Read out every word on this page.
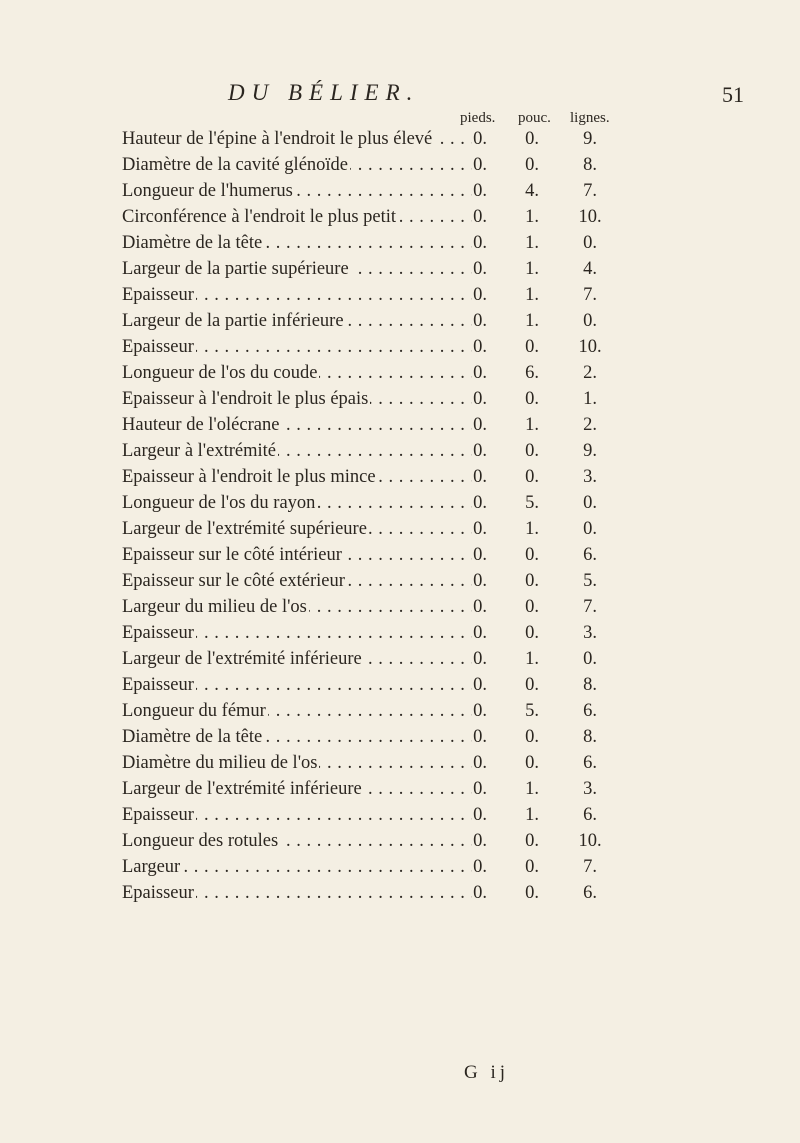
DU BÉLIER.	51
pieds. pouc. lignes.
Hauteur de l'épine à l'endroit le plus élevé . . .	0.	0.	9.
Diamètre de la cavité glénoïde . . .	0.	0.	8.
Longueur de l'humerus . . .	0.	4.	7.
Circonférence à l'endroit le plus petit . . .	0.	1.	10.
Diamètre de la tête . . .	0.	1.	0.
Largeur de la partie supérieure . . .	0.	1.	4.
Epaisseur . . .	0.	1.	7.
Largeur de la partie inférieure . . .	0.	1.	0.
Epaisseur . . .	0.	0.	10.
Longueur de l'os du coude . . .	0.	6.	2.
Epaisseur à l'endroit le plus épais . . .	0.	0.	1.
Hauteur de l'olécrane . . .	0.	1.	2.
Largeur à l'extrémité . . .	0.	0.	9.
Epaisseur à l'endroit le plus mince . . .	0.	0.	3.
Longueur de l'os du rayon . . .	0.	5.	0.
Largeur de l'extrémité supérieure . . .	0.	1.	0.
Epaisseur sur le côté intérieur . . .	0.	0.	6.
Epaisseur sur le côté extérieur . . .	0.	0.	5.
Largeur du milieu de l'os . . .	0.	0.	7.
Epaisseur . . .	0.	0.	3.
Largeur de l'extrémité inférieure . . .	0.	1.	0.
Epaisseur . . .	0.	0.	8.
Longueur du fémur . . .	0.	5.	6.
Diamètre de la tête . . .	0.	0.	8.
Diamètre du milieu de l'os . . .	0.	0.	6.
Largeur de l'extrémité inférieure . . .	0.	1.	3.
Epaisseur . . .	0.	1.	6.
Longueur des rotules . . .	0.	0.	10.
Largeur . . .	0.	0.	7.
Epaisseur . . .	0.	0.	6.
G ij
